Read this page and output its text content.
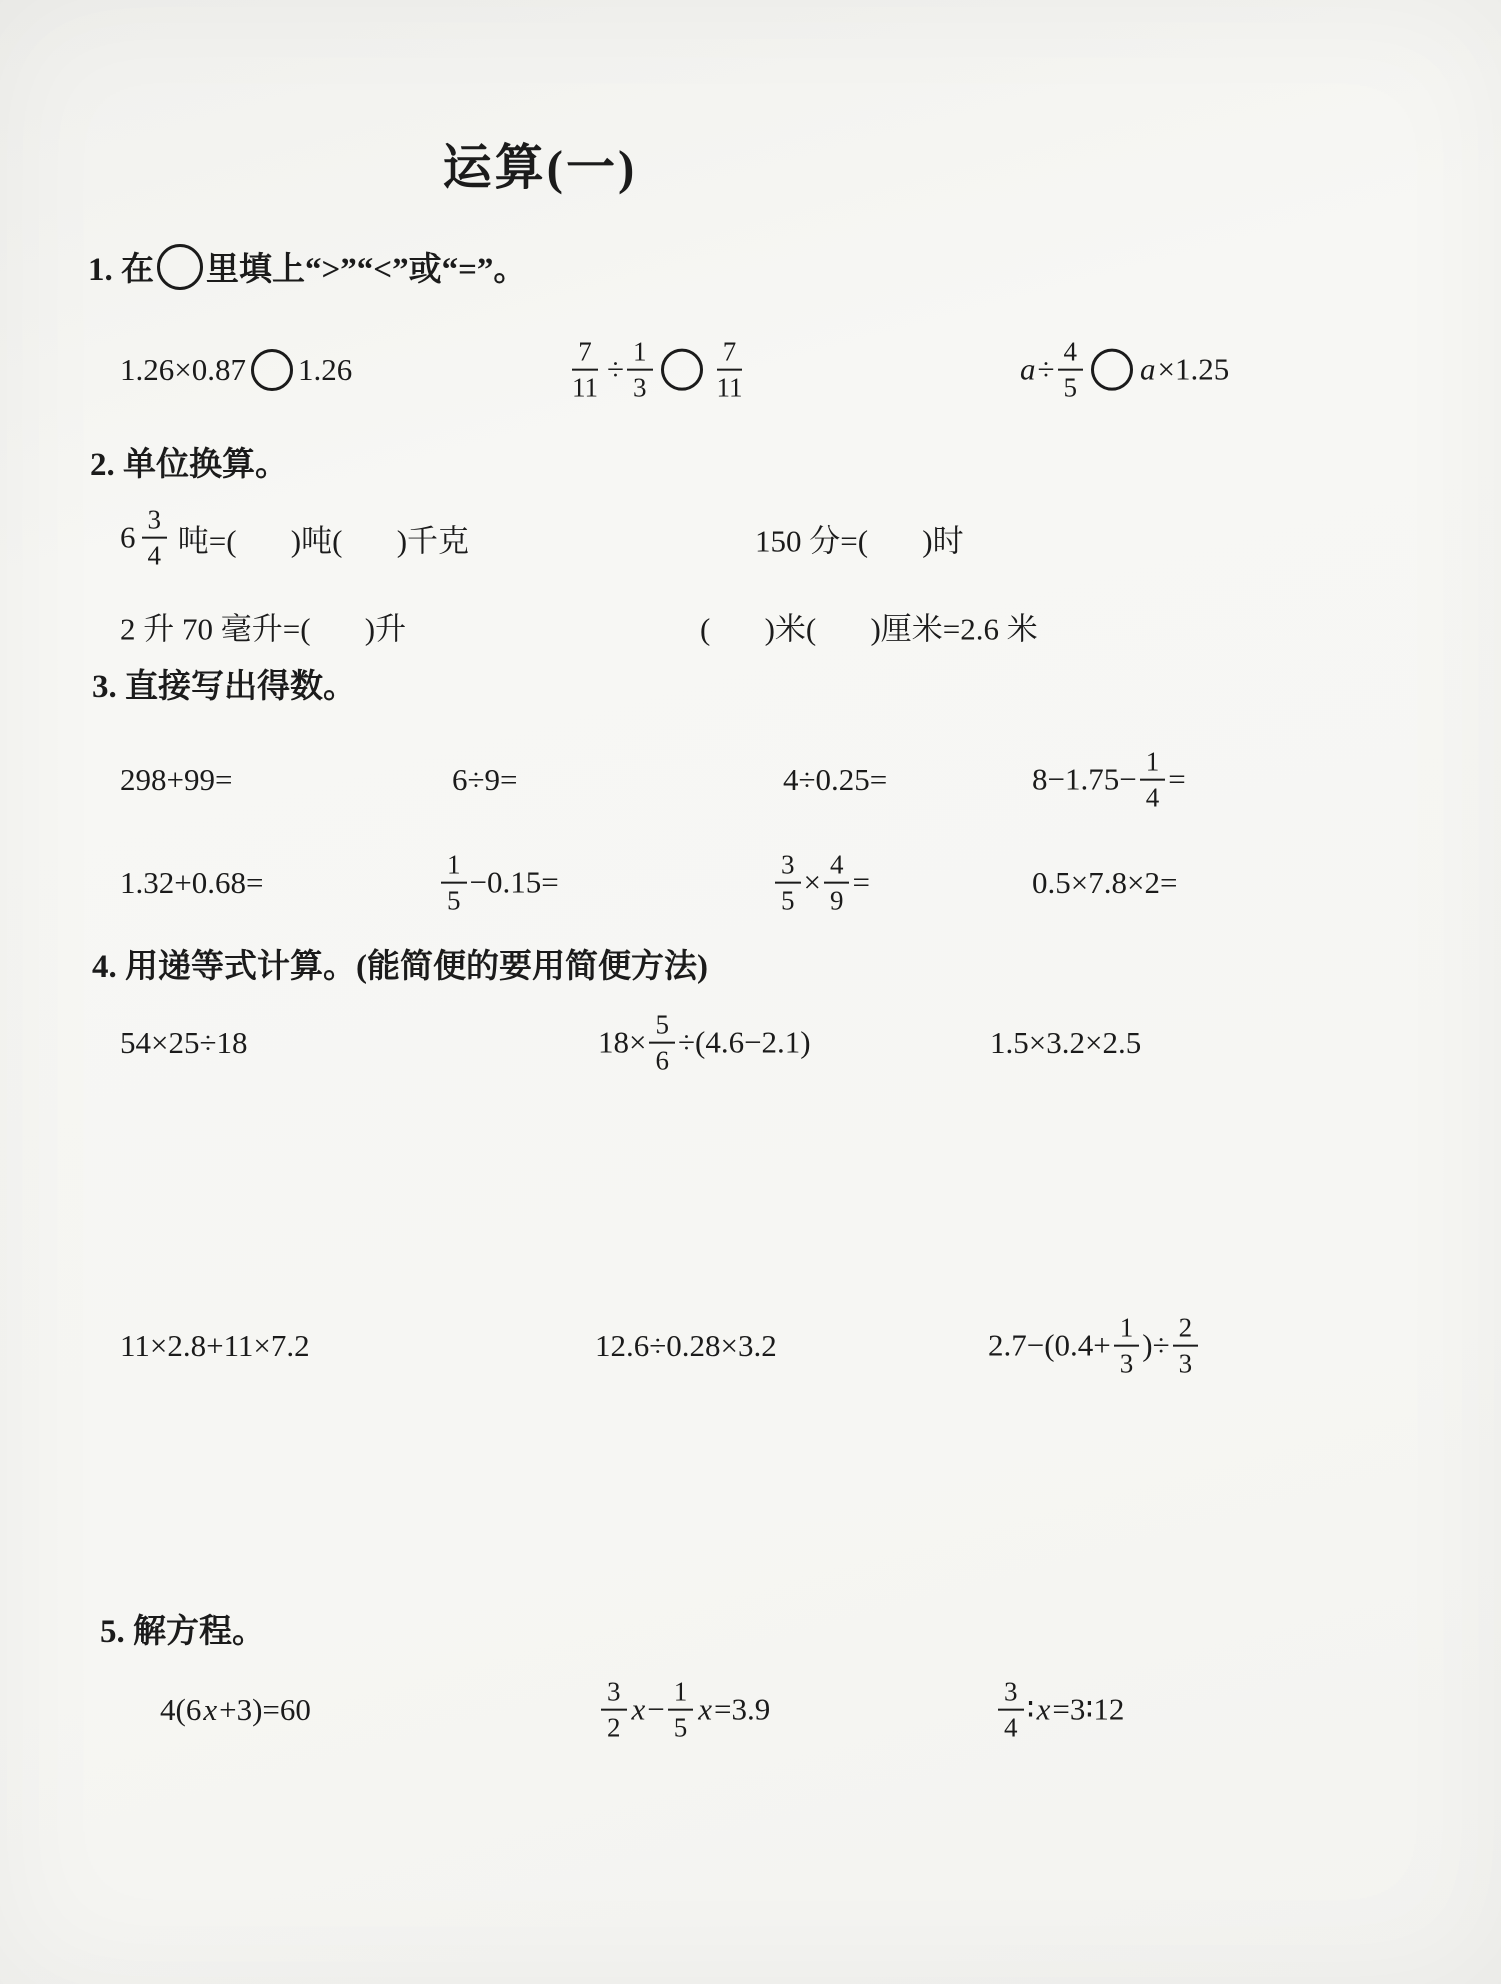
运算(一)
1. 在 里填上“>”“<”或“=”。
1.26×0.87 1.26	$\frac{7}{11} \div \frac{1}{3} \frac{7}{11}$	$a \div \frac{4}{5}$ a ×1.25
2. 单位换算。
$6 \frac{3}{4}$ 吨=(       )吨(       )千克	150 分=(       )时
2 升 70 毫升=(       )升	(       )米(       )厘米=2.6 米
3. 直接写出得数。
298+99=	6÷9=	4÷0.25=	$8-1.75- \frac{1}{4}$ =
1.32+0.68=	$\frac{1}{5} -0.15=$	$\frac{3}{5} \times \frac{4}{9}$ =	0.5×7.8×2=
4. 用递等式计算。(能简便的要用简便方法)
54×25÷18	$18\times \frac{5}{6} \div(4.6-2.1)$	1.5×3.2×2.5
11×2.8+11×7.2	12.6÷0.28×3.2	$2.7-(0.4+ \frac{1}{3}$ )÷ $\frac{2}{3}$
5. 解方程。
4(6 x +3)=60	$\frac{3}{2}$ $x - \frac{1}{5}$ x =3.9	$\frac{3}{4}$ ∶ x =3∶12
